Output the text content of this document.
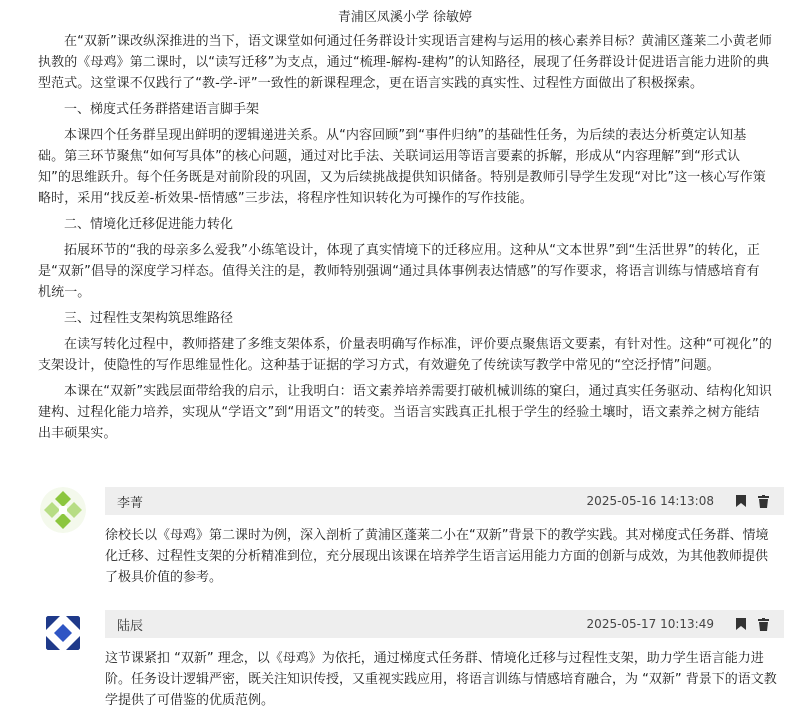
青浦区凤溪小学 徐敏婷

在“双新”课改纵深推进的当下，语文课堂如何通过任务群设计实现语言建构与运用的核心素养目标？黄浦区蓬莱二小黄老师执教的《母鸡》第二课时，以“读写迁移”为支点，通过“梳理-解构-建构”的认知路径，展现了任务群设计促进语言能力进阶的典型范式。这堂课不仅践行了“教-学-评”一致性的新课程理念，更在语言实践的真实性、过程性方面做出了积极探索。

一、梯度式任务群搭建语言脚手架

本课四个任务群呈现出鲜明的逻辑递进关系。从“内容回顾”到“事件归纳”的基础性任务，为后续的表达分析奠定认知基础。第三环节聚焦“如何写具体”的核心问题，通过对比手法、关联词运用等语言要素的拆解，形成从“内容理解”到“形式认知”的思维跃升。每个任务既是对前阶段的巩固，又为后续挑战提供知识储备。特别是教师引导学生发现“对比”这一核心写作策略时，采用“找反差-析效果-悟情感”三步法，将程序性知识转化为可操作的写作技能。

二、情境化迁移促进能力转化

拓展环节的“我的母亲多么爱我”小练笔设计，体现了真实情境下的迁移应用。这种从“文本世界”到“生活世界”的转化，正是“双新”倡导的深度学习样态。值得关注的是，教师特别强调“通过具体事例表达情感”的写作要求，将语言训练与情感培育有机统一。

三、过程性支架构筑思维路径

在读写转化过程中，教师搭建了多维支架体系，价量表明确写作标准，评价要点聚焦语文要素，有针对性。这种“可视化”的支架设计，使隐性的写作思维显性化。这种基于证据的学习方式，有效避免了传统读写教学中常见的“空泛抒情”问题。

本课在“双新”实践层面带给我的启示，让我明白：语文素养培养需要打破机械训练的窠臼，通过真实任务驱动、结构化知识建构、过程化能力培养，实现从“学语文”到“用语文”的转变。当语言实践真正扎根于学生的经验土壤时，语文素养之树方能结出丰硕果实。

李菁	2025-05-16 14:13:08

徐校长以《母鸡》第二课时为例，深入剖析了黄浦区蓬莱二小在“双新”背景下的教学实践。其对梯度式任务群、情境化迁移、过程性支架的分析精准到位，充分展现出该课在培养学生语言运用能力方面的创新与成效，为其他教师提供了极具价值的参考。

陆辰	2025-05-17 10:13:49

这节课紧扣 “双新” 理念，以《母鸡》为依托，通过梯度式任务群、情境化迁移与过程性支架，助力学生语言能力进阶。任务设计逻辑严密，既关注知识传授，又重视实践应用，将语言训练与情感培育融合，为 “双新” 背景下的语文教学提供了可借鉴的优质范例。
